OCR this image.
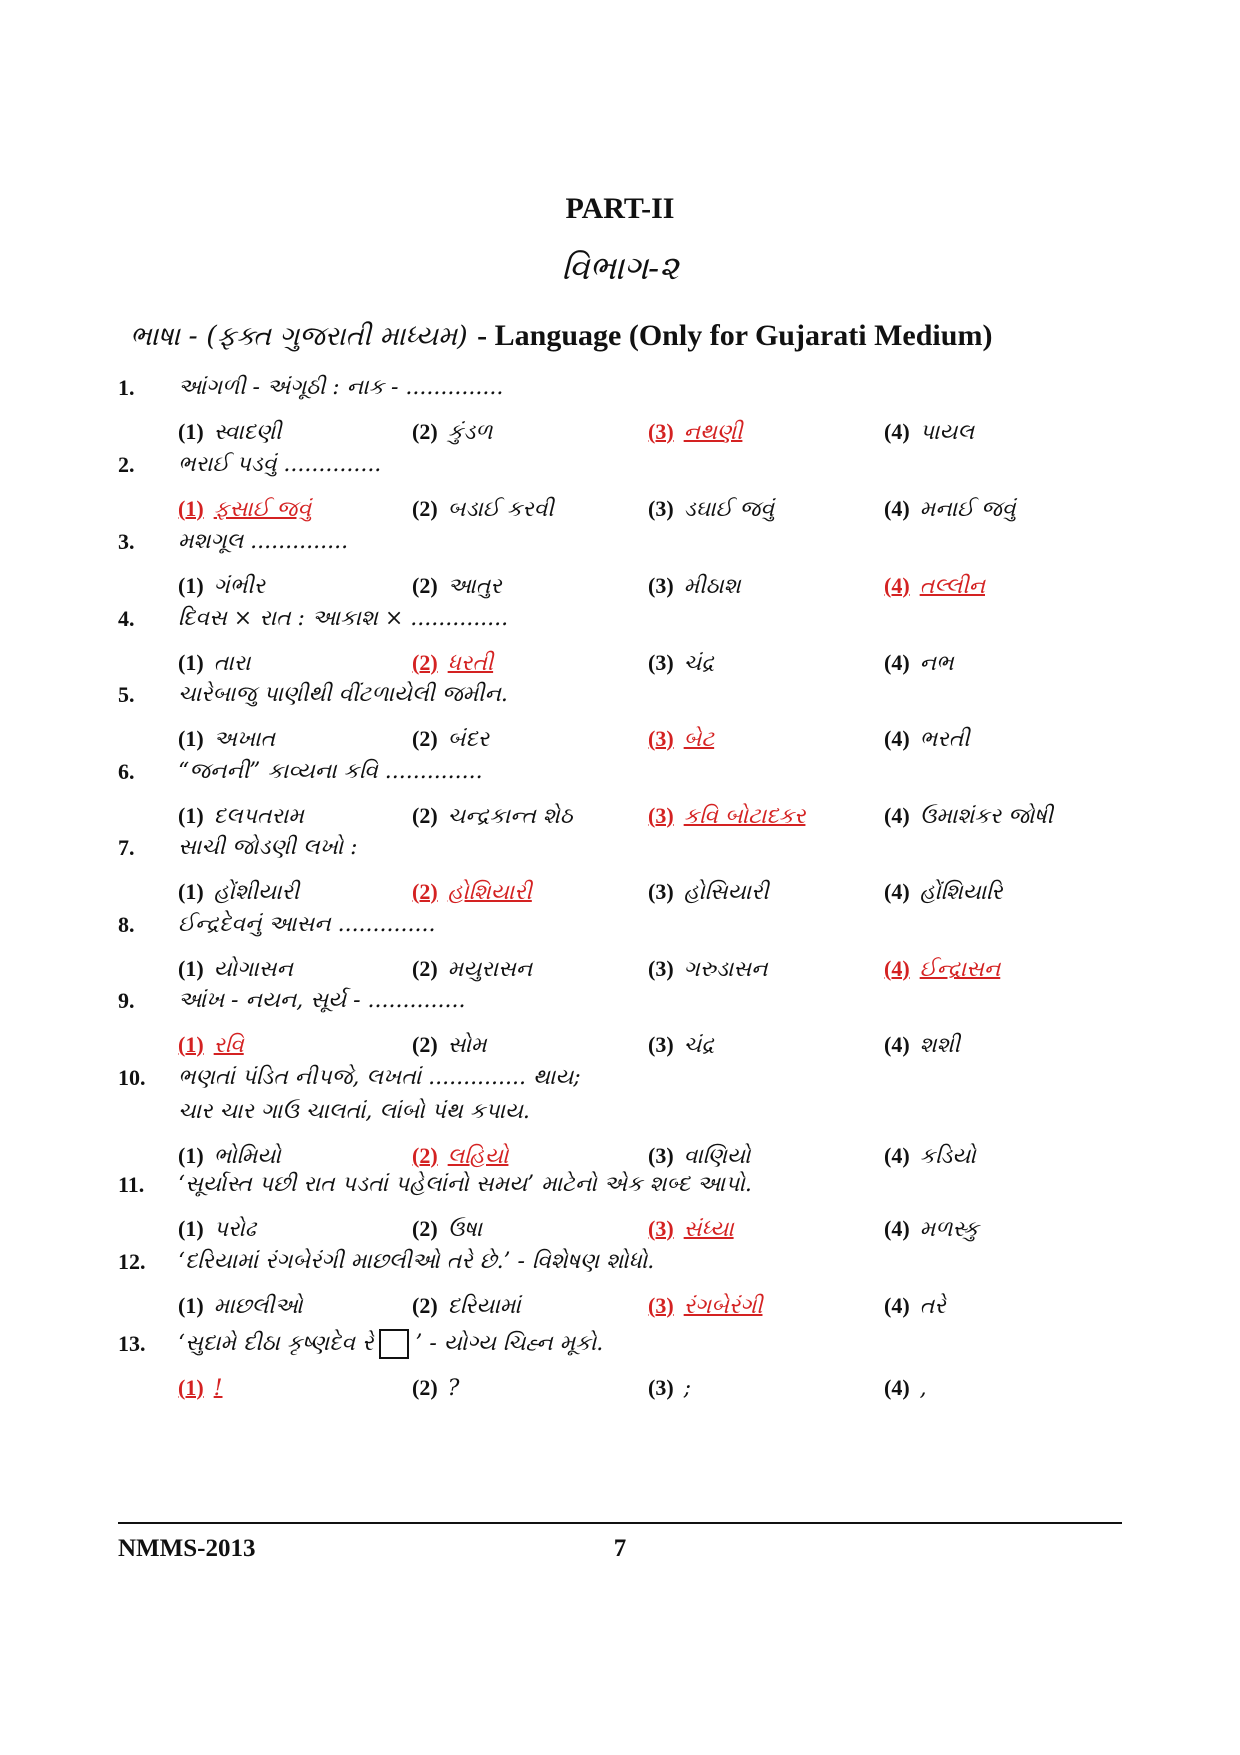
PART-II
વિભાગ-૨
ભાષા - (ફક્ત ગુજરાતી માધ્યમ) - Language (Only for Gujarati Medium)
1.	આંગળી - અંગૂઠી : નાક - ..............
(1) સ્વાદણી	(2) કુંડળ	(3) નથણી	(4) પાયલ
2.	ભરાઈ પડવું ..............
(1) ફસાઈ જવું	(2) બડાઈ કરવી	(3) ડઘાઈ જવું	(4) મનાઈ જવું
3.	મશગૂલ ..............
(1) ગંભીર	(2) આતુર	(3) મીઠાશ	(4) તલ્લીન
4.	દિવસ × રાત : આકાશ × ..............
(1) તારા	(2) ધરતી	(3) ચંદ્ર	(4) નભ
5.	ચારેબાજુ પાણીથી વીંટળાયેલી જમીન.
(1) અખાત	(2) બંદર	(3) બેટ	(4) ભરતી
6.	“જનની” કાવ્યના કવિ ..............
(1) દલપતરામ	(2) ચન્દ્રકાન્ત શેઠ	(3) કવિ બોટાદકર	(4) ઉમાશંકર જોષી
7.	સાચી જોડણી લખો :
(1) હોંશીયારી	(2) હોશિયારી	(3) હોસિયારી	(4) હોંશિયારિ
8.	ઈન્દ્રદેવનું આસન ..............
(1) યોગાસન	(2) મયુરાસન	(3) ગરુડાસન	(4) ઈન્દ્રાસન
9.	આંખ - નયન, સૂર્ય - ..............
(1) રવિ	(2) સોમ	(3) ચંદ્ર	(4) શશી
10.	ભણતાં પંડિત નીપજે, લખતાં .............. થાય;
ચાર ચાર ગાઉ ચાલતાં, લાંબો પંથ કપાય.
(1) ભોમિયો	(2) લહિયો	(3) વાણિયો	(4) કડિયો
11.	‘સૂર્યાસ્ત પછી રાત પડતાં પહેલાંનો સમય’ માટેનો એક શબ્દ આપો.
(1) પરોઢ	(2) ઉષા	(3) સંધ્યા	(4) મળસ્કુ
12.	‘દરિયામાં રંગબેરંગી માછલીઓ તરે છે.’ - વિશેષણ શોધો.
(1) માછલીઓ	(2) દરિયામાં	(3) રંગબેરંગી	(4) તરે
13.	‘સુદામે દીઠા કૃષ્ણદેવ રે ’ - યોગ્ય ચિહ્ન મૂકો.
(1) !	(2) ?	(3) ;	(4) ,
NMMS-2013	7
